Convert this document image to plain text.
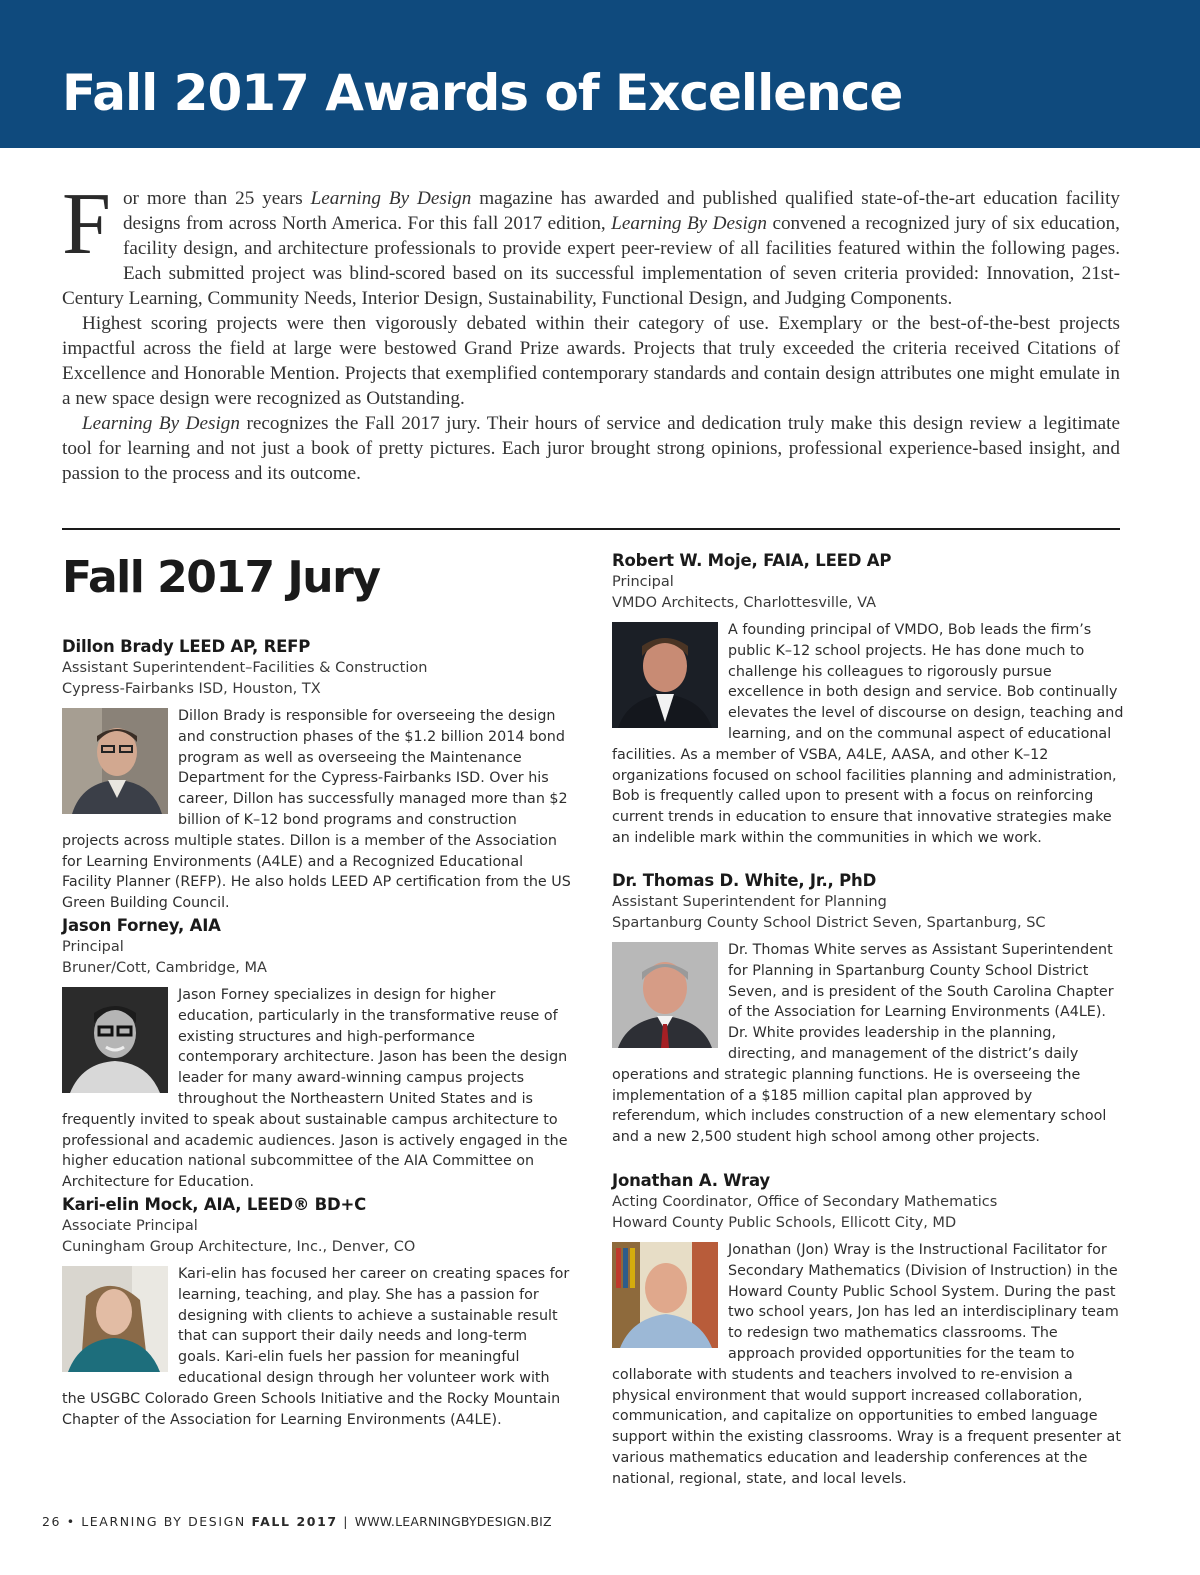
Fall 2017 Awards of Excellence

For more than 25 years Learning By Design magazine has awarded and published qualified state-of-the-art education facility designs from across North America. For this fall 2017 edition, Learning By Design convened a recognized jury of six education, facility design, and architecture professionals to provide expert peer-review of all facilities featured within the following pages. Each submitted project was blind-scored based on its successful implementation of seven criteria provided: Innovation, 21st-Century Learning, Community Needs, Interior Design, Sustainability, Functional Design, and Judging Components.

Highest scoring projects were then vigorously debated within their category of use. Exemplary or the best-of-the-best projects impactful across the field at large were bestowed Grand Prize awards. Projects that truly exceeded the criteria received Citations of Excellence and Honorable Mention. Projects that exemplified contemporary standards and contain design attributes one might emulate in a new space design were recognized as Outstanding.

Learning By Design recognizes the Fall 2017 jury. Their hours of service and dedication truly make this design review a legitimate tool for learning and not just a book of pretty pictures. Each juror brought strong opinions, professional experience-based insight, and passion to the process and its outcome.

Fall 2017 Jury
Dillon Brady LEED AP, REFP
Assistant Superintendent–Facilities & Construction
Cypress-Fairbanks ISD, Houston, TX
Dillon Brady is responsible for overseeing the design and construction phases of the $1.2 billion 2014 bond program as well as overseeing the Maintenance Department for the Cypress-Fairbanks ISD. Over his career, Dillon has successfully managed more than $2 billion of K–12 bond programs and construction projects across multiple states. Dillon is a member of the Association for Learning Environments (A4LE) and a Recognized Educational Facility Planner (REFP). He also holds LEED AP certification from the US Green Building Council.
Jason Forney, AIA
Principal
Bruner/Cott, Cambridge, MA
Jason Forney specializes in design for higher education, particularly in the transformative reuse of existing structures and high-performance contemporary architecture. Jason has been the design leader for many award-winning campus projects throughout the Northeastern United States and is frequently invited to speak about sustainable campus architecture to professional and academic audiences. Jason is actively engaged in the higher education national subcommittee of the AIA Committee on Architecture for Education.
Kari-elin Mock, AIA, LEED® BD+C
Associate Principal
Cuningham Group Architecture, Inc., Denver, CO
Kari-elin has focused her career on creating spaces for learning, teaching, and play. She has a passion for designing with clients to achieve a sustainable result that can support their daily needs and long-term goals. Kari-elin fuels her passion for meaningful educational design through her volunteer work with the USGBC Colorado Green Schools Initiative and the Rocky Mountain Chapter of the Association for Learning Environments (A4LE).
Robert W. Moje, FAIA, LEED AP
Principal
VMDO Architects, Charlottesville, VA
A founding principal of VMDO, Bob leads the firm’s public K–12 school projects. He has done much to challenge his colleagues to rigorously pursue excellence in both design and service. Bob continually elevates the level of discourse on design, teaching and learning, and on the communal aspect of educational facilities. As a member of VSBA, A4LE, AASA, and other K–12 organizations focused on school facilities planning and administration, Bob is frequently called upon to present with a focus on reinforcing current trends in education to ensure that innovative strategies make an indelible mark within the communities in which we work.
Dr. Thomas D. White, Jr., PhD
Assistant Superintendent for Planning
Spartanburg County School District Seven, Spartanburg, SC
Dr. Thomas White serves as Assistant Superintendent for Planning in Spartanburg County School District Seven, and is president of the South Carolina Chapter of the Association for Learning Environments (A4LE). Dr. White provides leadership in the planning, directing, and management of the district’s daily operations and strategic planning functions. He is overseeing the implementation of a $185 million capital plan approved by referendum, which includes construction of a new elementary school and a new 2,500 student high school among other projects.
Jonathan A. Wray
Acting Coordinator, Office of Secondary Mathematics
Howard County Public Schools, Ellicott City, MD
Jonathan (Jon) Wray is the Instructional Facilitator for Secondary Mathematics (Division of Instruction) in the Howard County Public School System. During the past two school years, Jon has led an interdisciplinary team to redesign two mathematics classrooms. The approach provided opportunities for the team to collaborate with students and teachers involved to re-envision a physical environment that would support increased collaboration, communication, and capitalize on opportunities to embed language support within the existing classrooms. Wray is a frequent presenter at various mathematics education and leadership conferences at the national, regional, state, and local levels.
26 • LEARNING BY DESIGN FALL 2017 | WWW.LEARNINGBYDESIGN.BIZ
